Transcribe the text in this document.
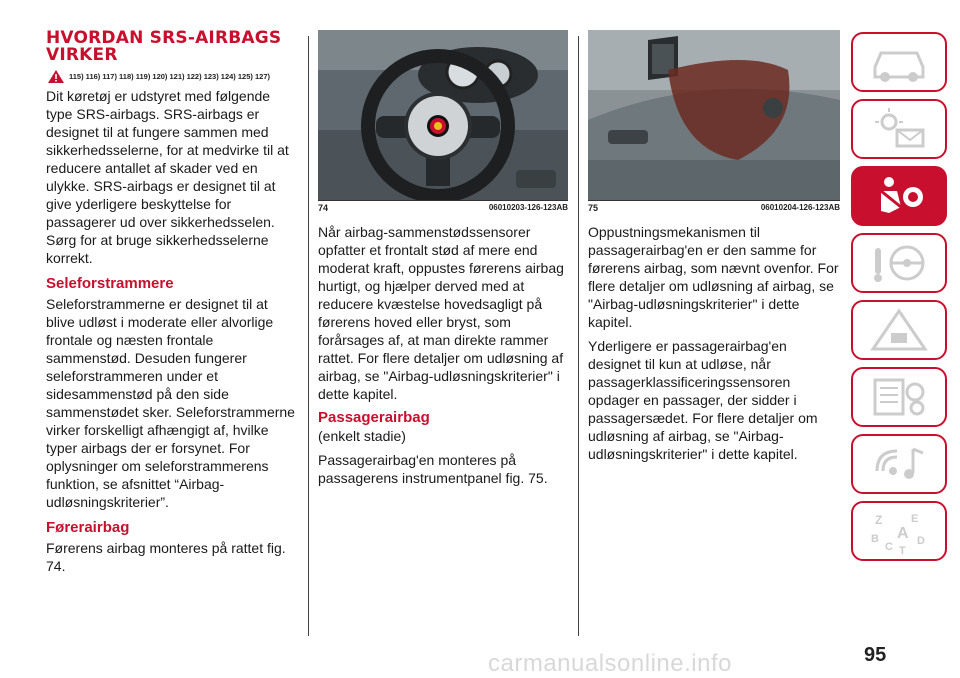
HVORDAN SRS-AIRBAGS VIRKER
115) 116) 117) 118) 119) 120) 121) 122) 123) 124) 125) 127)
Dit køretøj er udstyret med følgende type SRS-airbags. SRS-airbags er designet til at fungere sammen med sikkerhedsselerne, for at medvirke til at reducere antallet af skader ved en ulykke. SRS-airbags er designet til at give yderligere beskyttelse for passagerer ud over sikkerhedsselen. Sørg for at bruge sikkerhedsselerne korrekt.
Seleforstrammere
Seleforstrammerne er designet til at blive udløst i moderate eller alvorlige frontale og næsten frontale sammenstød. Desuden fungerer seleforstrammeren under et sidesammenstød på den side sammenstødet sker. Seleforstrammerne virker forskelligt afhængigt af, hvilke typer airbags der er forsynet. For oplysninger om seleforstrammerens funktion, se afsnittet “Airbag-udløsningskriterier”.
Førerairbag
Førerens airbag monteres på rattet fig. 74.
74	06010203-126-123AB
Når airbag-sammenstødssensorer opfatter et frontalt stød af mere end moderat kraft, oppustes førerens airbag hurtigt, og hjælper derved med at reducere kvæstelse hovedsagligt på førerens hoved eller bryst, som forårsages af, at man direkte rammer rattet. For flere detaljer om udløsning af airbag, se "Airbag-udløsningskriterier" i dette kapitel.
Passagerairbag
(enkelt stadie)
Passagerairbag'en monteres på passagerens instrumentpanel fig. 75.
75	06010204-126-123AB
Oppustningsmekanismen til passagerairbag'en er den samme for førerens airbag, som nævnt ovenfor. For flere detaljer om udløsning af airbag, se "Airbag-udløsningskriterier" i dette kapitel.
Yderligere er passagerairbag'en designet til kun at udløse, når passagerklassificeringssensoren opdager en passager, der sidder i passagersædet. For flere detaljer om udløsning af airbag, se "Airbag-udløsningskriterier" i dette kapitel.
Z	E
A
B
C D
T
95
carmanualsonline.info
